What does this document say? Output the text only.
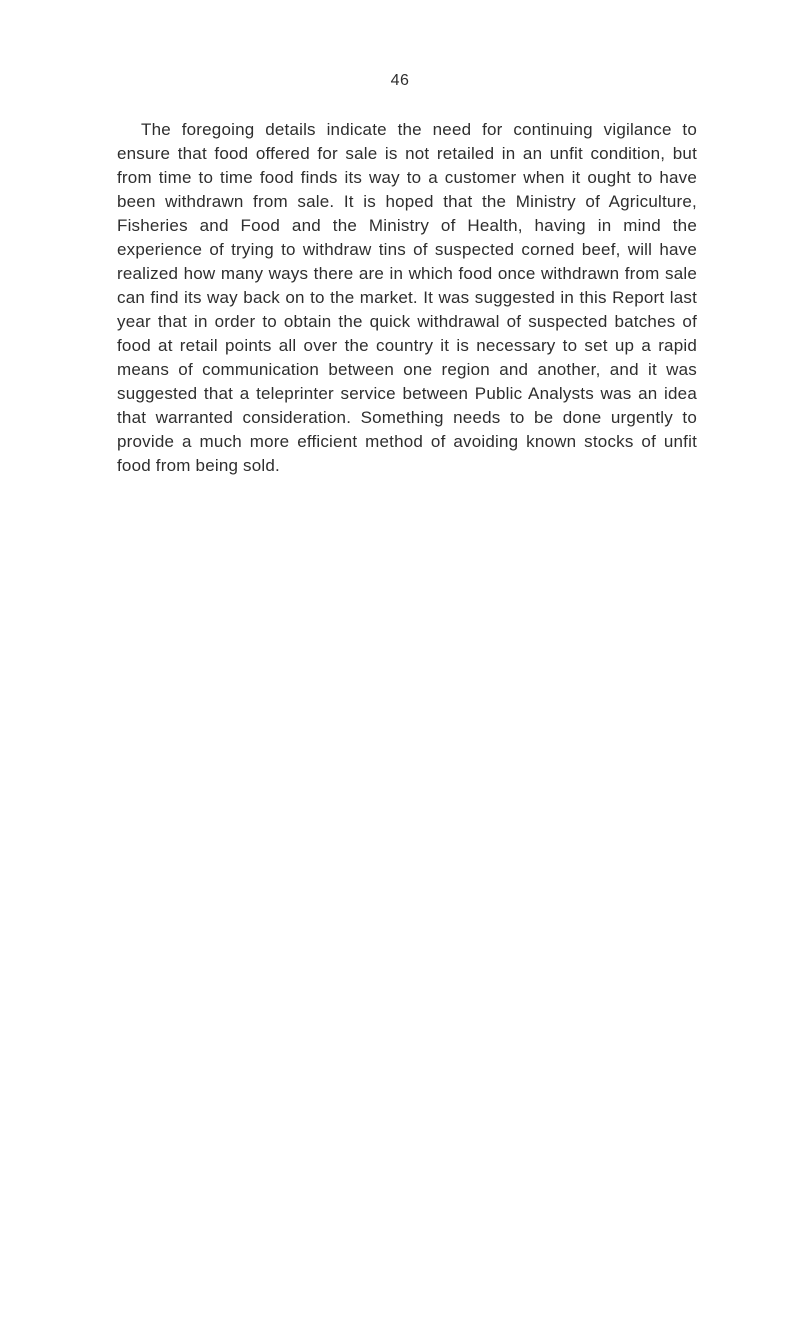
46

The foregoing details indicate the need for continuing vigilance to ensure that food offered for sale is not retailed in an unfit condition, but from time to time food finds its way to a customer when it ought to have been withdrawn from sale. It is hoped that the Ministry of Agriculture, Fisheries and Food and the Ministry of Health, having in mind the experience of trying to withdraw tins of suspected corned beef, will have realized how many ways there are in which food once withdrawn from sale can find its way back on to the market. It was suggested in this Report last year that in order to obtain the quick withdrawal of suspected batches of food at retail points all over the country it is necessary to set up a rapid means of communication between one region and another, and it was suggested that a teleprinter service between Public Analysts was an idea that warranted consideration. Something needs to be done urgently to provide a much more efficient method of avoiding known stocks of unfit food from being sold.
